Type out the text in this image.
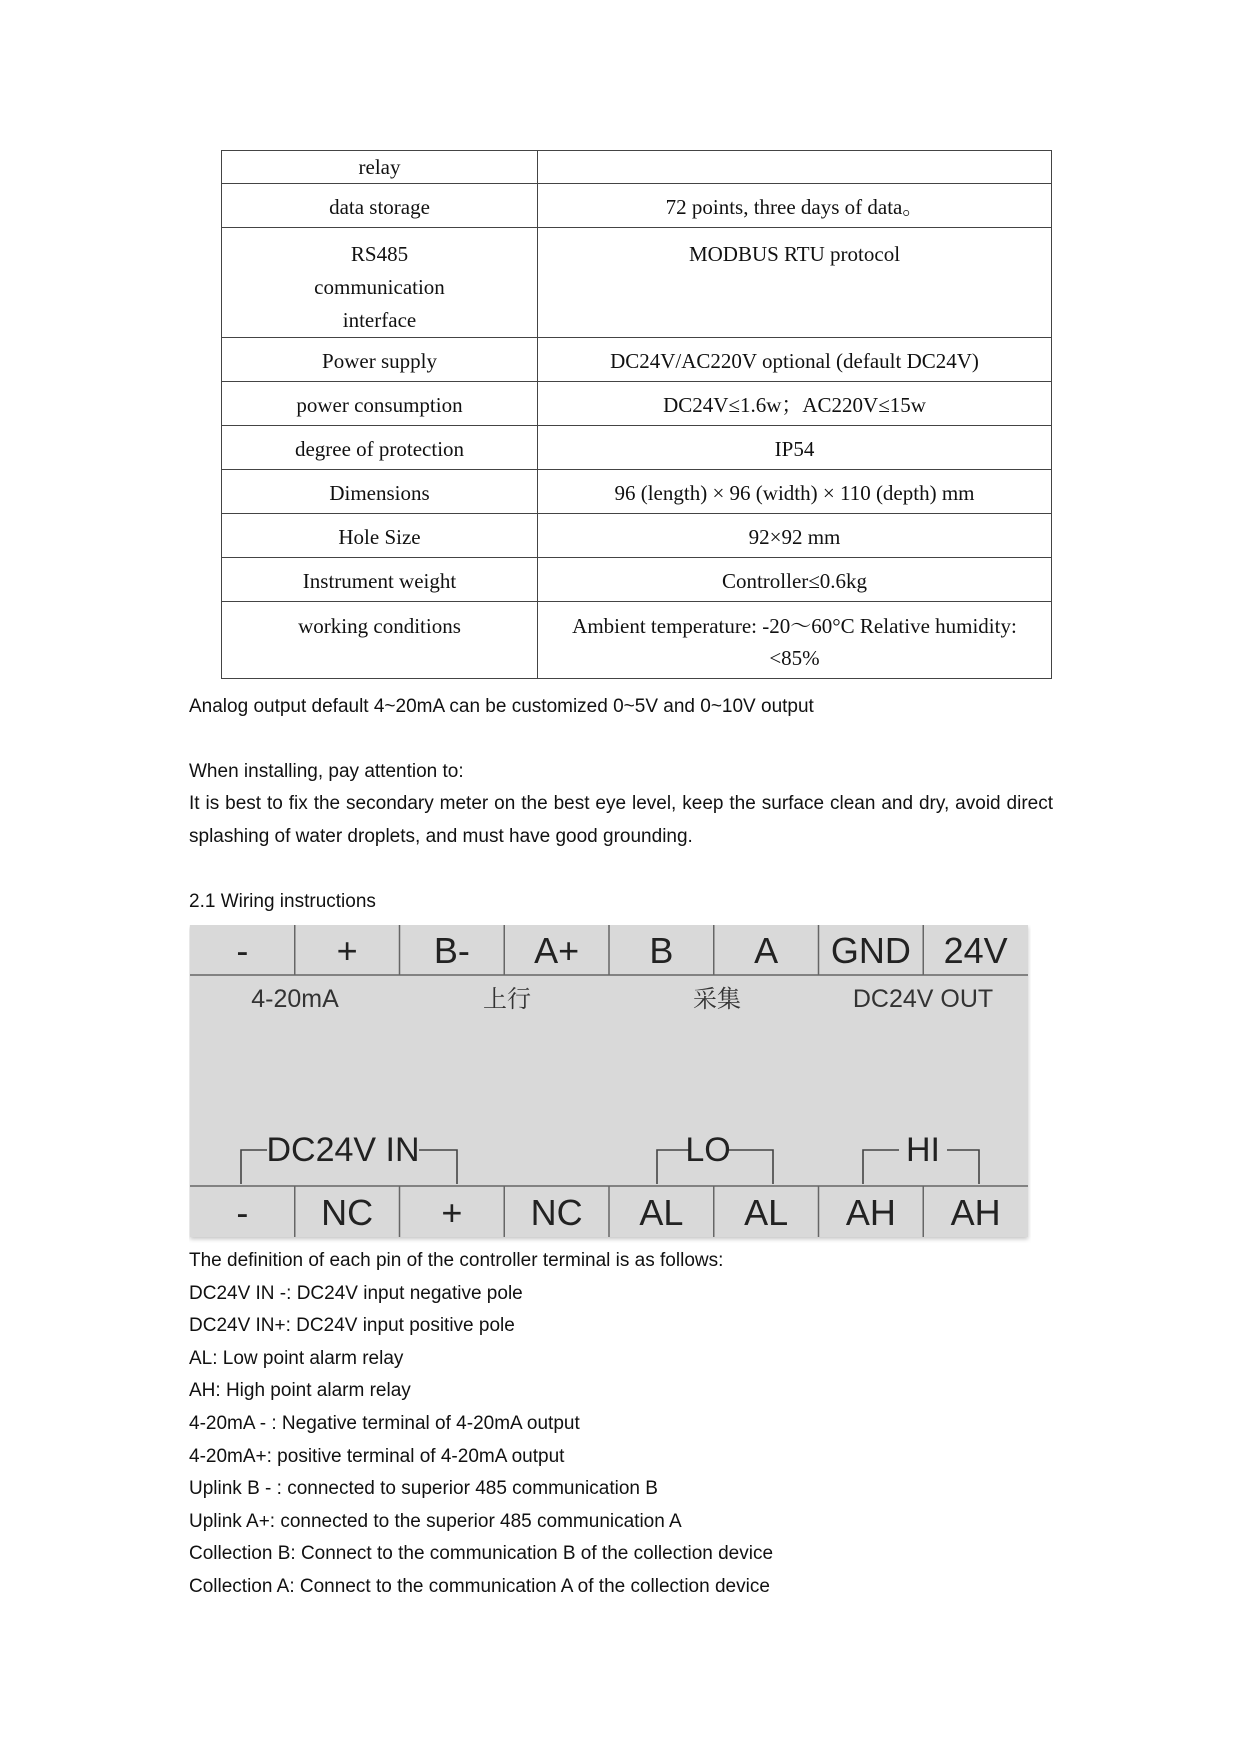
relay	
data storage	72 points, three days of data。

RS485
communication
interface	MODBUS RTU protocol
Power supply	DC24V/AC220V optional (default DC24V)
power consumption	DC24V≤1.6w；AC220V≤15w
degree of protection	IP54
Dimensions	96 (length) × 96 (width) × 110 (depth) mm
Hole Size	92×92 mm
Instrument weight	Controller≤0.6kg
working conditions	Ambient temperature: -20～60°C Relative humidity:
<85%

Analog output default 4~20mA can be customized 0~5V and 0~10V output

When installing, pay attention to:

It is best to fix the secondary meter on the best eye level, keep the surface clean and dry, avoid direct splashing of water droplets, and must have good grounding.

2.1 Wiring instructions

- + B- A+ B A GND 24V
- NC + NC AL AL AH AH
4-20mA	上行	采集	DC24V OUT
DC24V IN	LO	HI
The definition of each pin of the controller terminal is as follows:
DC24V IN -: DC24V input negative pole
DC24V IN+: DC24V input positive pole
AL: Low point alarm relay
AH: High point alarm relay
4-20mA - : Negative terminal of 4-20mA output
4-20mA+: positive terminal of 4-20mA output
Uplink B - : connected to superior 485 communication B
Uplink A+: connected to the superior 485 communication A
Collection B: Connect to the communication B of the collection device
Collection A: Connect to the communication A of the collection device
